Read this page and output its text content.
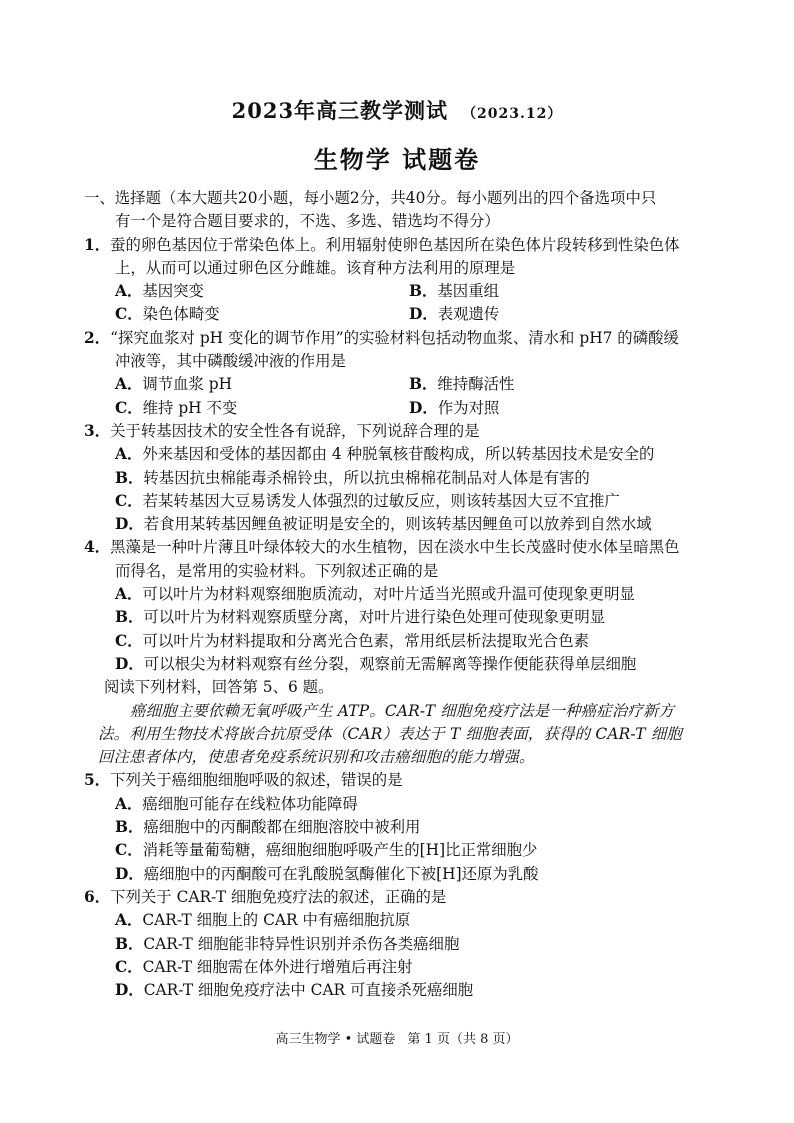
2023年高三教学测试 （2023.12）
生物学 试题卷
一、选择题（本大题共20小题，每小题2分，共40分。每小题列出的四个备选项中只
有一个是符合题目要求的，不选、多选、错选均不得分）
1．蚕的卵色基因位于常染色体上。利用辐射使卵色基因所在染色体片段转移到性染色体
上，从而可以通过卵色区分雌雄。该育种方法利用的原理是
A．基因突变	B．基因重组
C．染色体畸变	D．表观遗传
2．“探究血浆对 pH 变化的调节作用”的实验材料包括动物血浆、清水和 pH7 的磷酸缓
冲液等，其中磷酸缓冲液的作用是
A．调节血浆 pH	B．维持酶活性
C．维持 pH 不变	D．作为对照
3．关于转基因技术的安全性各有说辞，下列说辞合理的是
A．外来基因和受体的基因都由 4 种脱氧核苷酸构成，所以转基因技术是安全的
B．转基因抗虫棉能毒杀棉铃虫，所以抗虫棉棉花制品对人体是有害的
C．若某转基因大豆易诱发人体强烈的过敏反应，则该转基因大豆不宜推广
D．若食用某转基因鲤鱼被证明是安全的，则该转基因鲤鱼可以放养到自然水域
4．黑藻是一种叶片薄且叶绿体较大的水生植物，因在淡水中生长茂盛时使水体呈暗黑色
而得名，是常用的实验材料。下列叙述正确的是
A．可以叶片为材料观察细胞质流动，对叶片适当光照或升温可使现象更明显
B．可以叶片为材料观察质壁分离，对叶片进行染色处理可使现象更明显
C．可以叶片为材料提取和分离光合色素，常用纸层析法提取光合色素
D．可以根尖为材料观察有丝分裂，观察前无需解离等操作便能获得单层细胞
阅读下列材料，回答第 5、6 题。
癌细胞主要依赖无氧呼吸产生 ATP。CAR-T 细胞免疫疗法是一种癌症治疗新方
法。利用生物技术将嵌合抗原受体（CAR）表达于 T 细胞表面，获得的 CAR-T 细胞
回注患者体内，使患者免疫系统识别和攻击癌细胞的能力增强。
5．下列关于癌细胞细胞呼吸的叙述，错误的是
A．癌细胞可能存在线粒体功能障碍
B．癌细胞中的丙酮酸都在细胞溶胶中被利用
C．消耗等量葡萄糖，癌细胞细胞呼吸产生的[H]比正常细胞少
D．癌细胞中的丙酮酸可在乳酸脱氢酶催化下被[H]还原为乳酸
6．下列关于 CAR-T 细胞免疫疗法的叙述，正确的是
A．CAR-T 细胞上的 CAR 中有癌细胞抗原
B．CAR-T 细胞能非特异性识别并杀伤各类癌细胞
C．CAR-T 细胞需在体外进行增殖后再注射
D．CAR-T 细胞免疫疗法中 CAR 可直接杀死癌细胞
高三生物学 • 试题卷 第 1 页（共 8 页）
